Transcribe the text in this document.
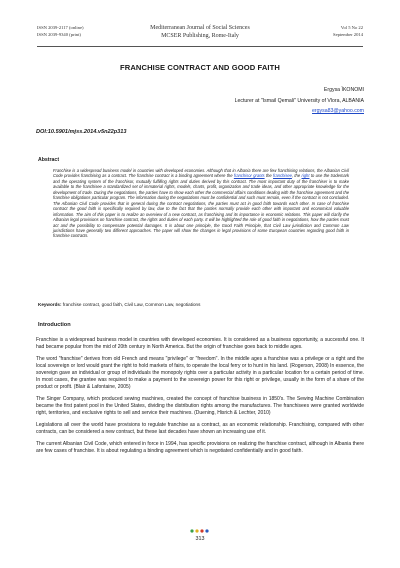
ISSN 2039-2117 (online)
ISSN 2039-9340 (print)
Mediterranean Journal of Social Sciences
MCSER Publishing, Rome-Italy
Vol 5 No 22
September 2014
FRANCHISE CONTRACT AND GOOD FAITH
Ergysa ÏKONOMI
Lecturer at "Ismail Qemali" University of Vlora, ALBANIA
ergysa83@yahoo.com
DOI:10.5901/mjss.2014.v5n22p313
Abstract
Franchise is a widespread business model in countries with developed economies. Although that in Albania there are few franchising relations, the Albanian Civil Code provides franchising as a contract. The franchise contract is a binding agreement where the franchisor grants the franchisee, the right to use the trademark and the operating system of the franchisor, mutually fulfilling rights and duties derived by this contract. The most important duty of the franchiser is to make available to the franchisee a standardized set of immaterial rights, models, charts, profit, organization and trade ideas, and other appropriate knowledge for the development of trade. During the negotiations, the parties have to show each other the commercial affairs conditions dealing with the franchise agreement and the franchise obligations particular program. The information during the negotiations must be confidential and such must remain, even if the contract is not concluded. The Albanian Civil Code provides that in general during the contract negotiations, the parties must act in good faith towards each other. In case of franchise contract the good faith is specifically required by law, due to the fact that the parties normally provide each other with important and economical valuable information. The aim of this paper is to realize an overview of a new contract, as franchising and its importance in economic relations. This paper will clarify the Albanian legal provisions on franchise contract, the rights and duties of each party. It will be highlighted the role of good faith in negotiations, how the parties must act and the possibility to compensate potential damages. It is about one principle, the Good Faith Principle, that Civil Law jurisdiction and Common Law jurisdictions have generally two different approaches. The paper will show the changes in legal provisions of some European countries regarding good faith in franchise contracts.
Keywords: franchise contract, good faith, Civil Law, Common Law, negotiations
Introduction

Franchise is a widespread business model in countries with developed economies. It is considered as a business opportunity, a successful one. It had became popular from the mid of 20th century in North America. But the origin of franchise goes back to middle ages.

The word "franchise" derives from old French and means "privilege" or "freedom". In the middle ages a franchise was a privilege or a right and the local sovereign or lord would grant the right to hold markets of fairs, to operate the local ferry or to hunt in his land. (Rogerson, 2008) In essence, the sovereign gave an individual or group of individuals the monopoly rights over a particular activity in a particular location for a certain period of time. In most cases, the grantee was required to make a payment to the sovereign power for this right or privilege, usually in the form of a share of the product or profit. (Blair & Lafontaine, 2005)

The Singer Company, which produced sewing machines, created the concept of franchise business in 1850's. The Sewing Machine Combination became the first patent pool in the United States, dividing the distribution rights among the manufactures. The franchisees were granted worldwide right, territories, and exclusive rights to sell and service their machines. (Duening, Hisrich & Lechter, 2010)

Legislations all over the world have provisions to regulate franchise as a contract, as an economic relationship. Franchising, compared with other contracts, can be considered a new contract, but these last decades have shown an increasing use of it.

The current Albanian Civil Code, which entered in force in 1994, has specific provisions on realizing the franchise contract, although in Albania there are few cases of franchise. It is about regulating a binding agreement which is negotiated confidentially and in good faith.

313
